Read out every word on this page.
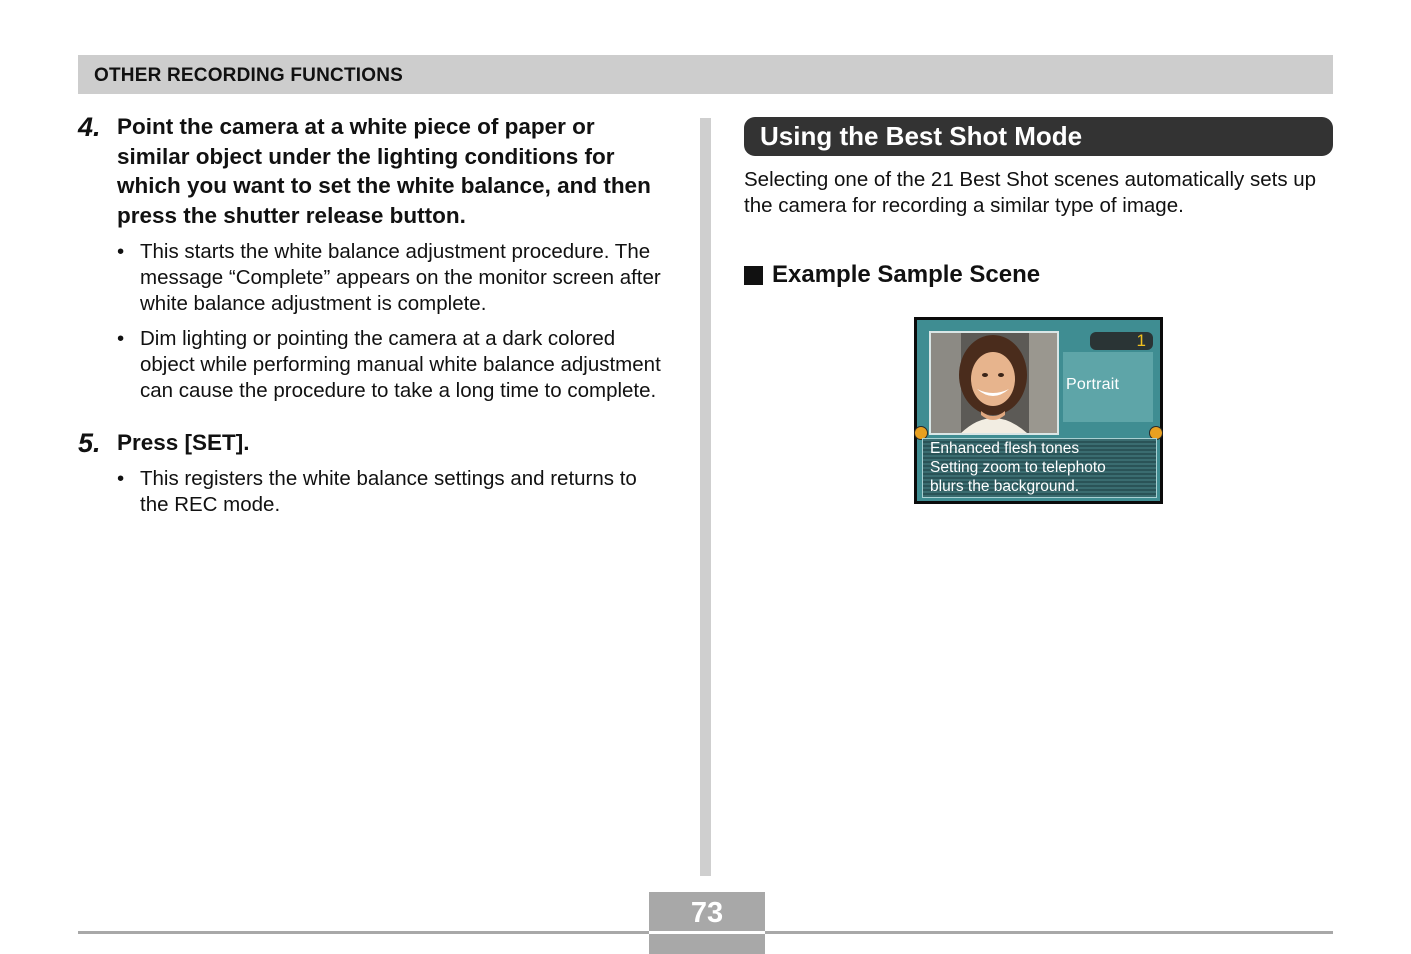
OTHER RECORDING FUNCTIONS
4. Point the camera at a white piece of paper or similar object under the lighting conditions for which you want to set the white balance, and then press the shutter release button.
• This starts the white balance adjustment procedure. The message “Complete” appears on the monitor screen after white balance adjustment is complete.
• Dim lighting or pointing the camera at a dark colored object while performing manual white balance adjustment can cause the procedure to take a long time to complete.
5. Press [SET].
• This registers the white balance settings and returns to the REC mode.
Using the Best Shot Mode
Selecting one of the 21 Best Shot scenes automatically sets up the camera for recording a similar type of image.
Example Sample Scene
1
Portrait
Enhanced flesh tones
Setting zoom to telephoto
blurs the background.
73
